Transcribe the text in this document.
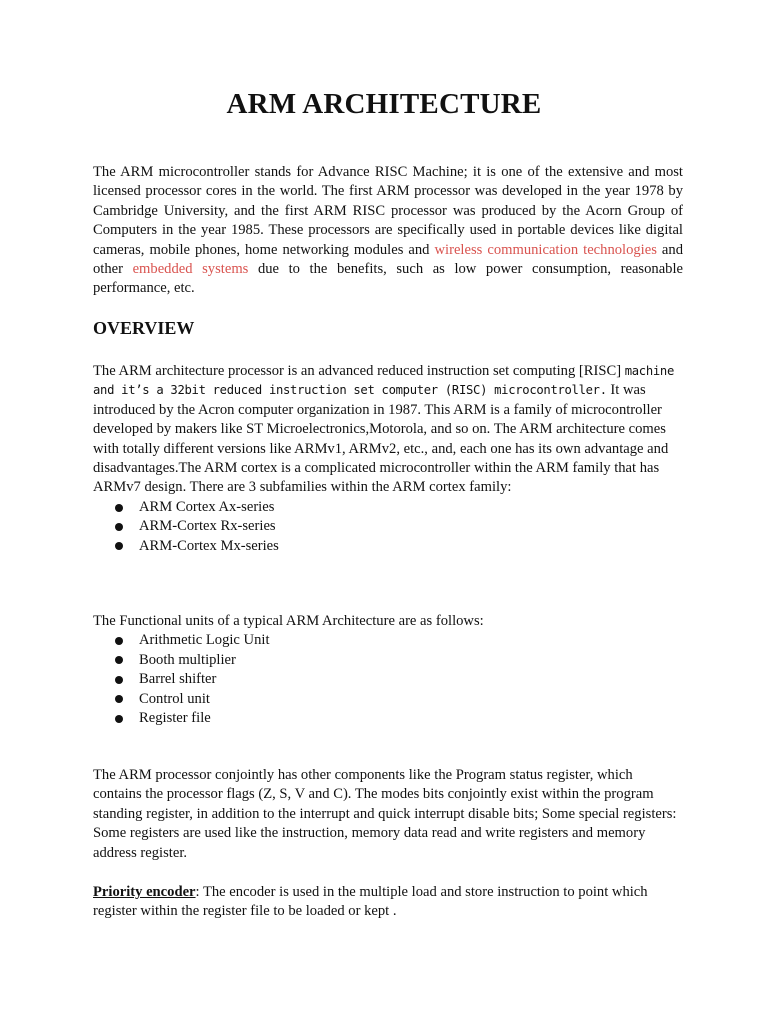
ARM ARCHITECTURE

The ARM microcontroller stands for Advance RISC Machine; it is one of the extensive and most licensed processor cores in the world. The first ARM processor was developed in the year 1978 by Cambridge University, and the first ARM RISC processor was produced by the Acorn Group of Computers in the year 1985. These processors are specifically used in portable devices like digital cameras, mobile phones, home networking modules and wireless communication technologies and other embedded systems due to the benefits, such as low power consumption, reasonable performance, etc.

OVERVIEW

The ARM architecture processor is an advanced reduced instruction set computing [RISC] machine and it’s a 32bit reduced instruction set computer (RISC) microcontroller. It was introduced by the Acron computer organization in 1987. This ARM is a family of microcontroller developed by makers like ST Microelectronics,Motorola, and so on. The ARM architecture comes with totally different versions like ARMv1, ARMv2, etc., and, each one has its own advantage and disadvantages.The ARM cortex is a complicated microcontroller within the ARM family that has ARMv7 design. There are 3 subfamilies within the ARM cortex family:

ARM Cortex Ax-series
ARM-Cortex Rx-series
ARM-Cortex Mx-series

The Functional units of a typical ARM Architecture are as follows:

Arithmetic Logic Unit
Booth multiplier
Barrel shifter
Control unit
Register file

The ARM processor conjointly has other components like the Program status register, which contains the processor flags (Z, S, V and C). The modes bits conjointly exist within the program standing register, in addition to the interrupt and quick interrupt disable bits; Some special registers: Some registers are used like the instruction, memory data read and write registers and memory address register.

Priority encoder: The encoder is used in the multiple load and store instruction to point which register within the register file to be loaded or kept .
